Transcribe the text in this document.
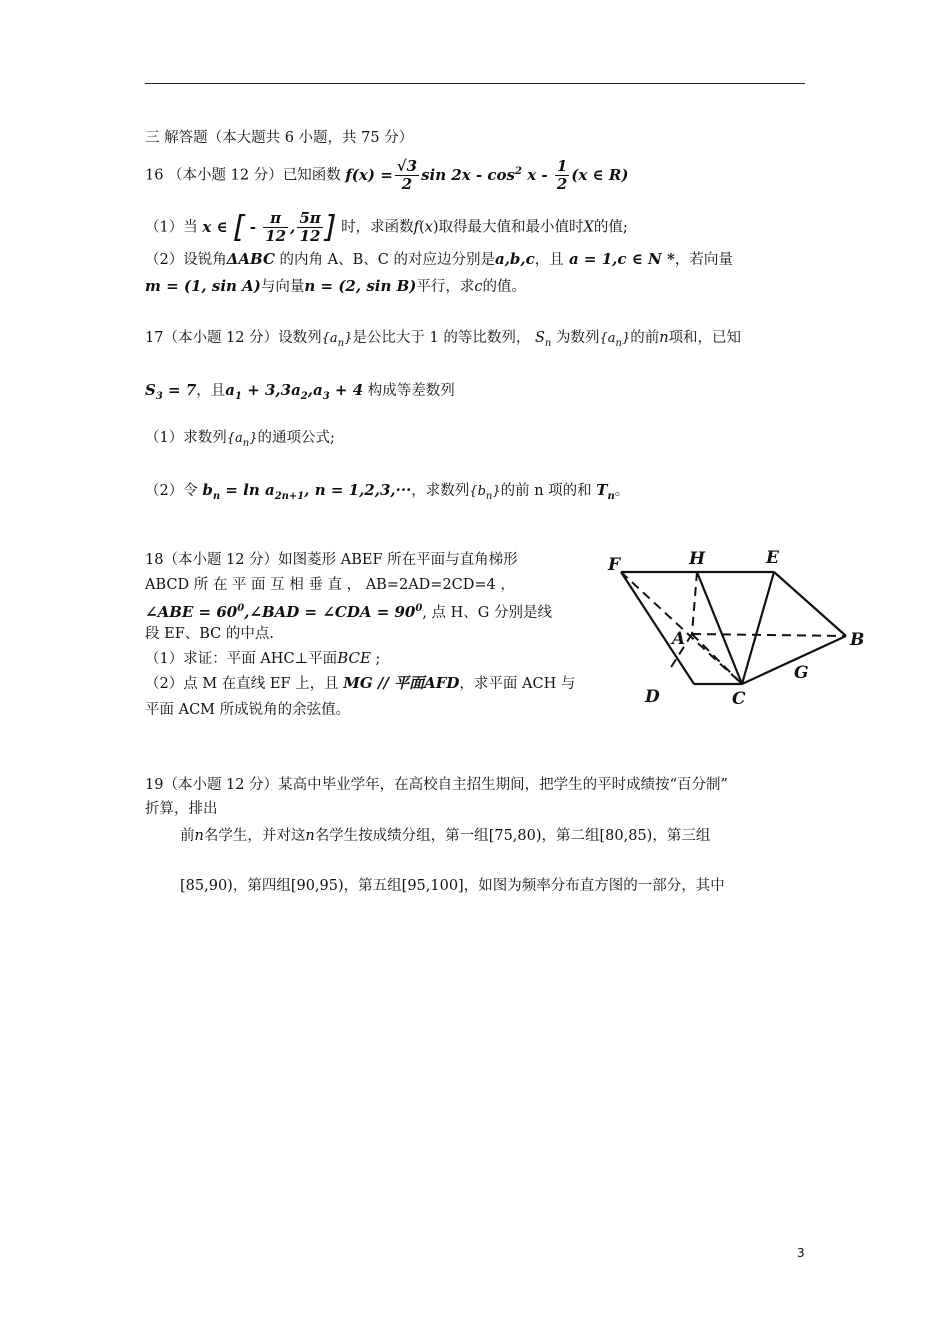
三 解答题（本大题共 6 小题，共 75 分）
16 （本小题 12 分）已知函数 $f(x) = \frac{√3}{2}$ $\sin 2x - \cos^2 x - \frac{1}{2} (x$ ∈ R)
（1）当 x ∈ [ - $\frac{\pi}{12}$ , $\frac{5\pi}{12}$ ] 时，求函数f(x)取得最大值和最小值时X的值;
（2）设锐角ΔABC 的内角 A、B、C 的对应边分别是a,b,c，且 a = 1,c ∈ N *，若向量
m = (1, sin A)与向量n = (2, sin B)平行，求c的值。
17（本小题 12 分）设数列$\{a_n\}$是公比大于 1 的等比数列， $S_n$ 为数列$\{a_n\}$的前n项和，已知
$S_3 = 7$，且$a_1 + 3,3a_2,a_3 + 4$ 构成等差数列
（1）求数列$\{a_n\}$的通项公式;
（2）令 $b_n = \ln a_{2n+1}$, n = 1,2,3,···，求数列$\{b_n\}$的前 n 项的和 $T_n$。
18（本小题 12 分）如图菱形 ABEF 所在平面与直角梯形
ABCD 所 在 平 面 互 相 垂 直 ， AB=2AD=2CD=4 ，
∠ABE = $60^0,\angle BAD$ = ∠CDA = $90^0$, 点 H、G 分别是线
段 EF、BC 的中点.
（1）求证：平面 AHC⊥平面BCE ;
（2）点 M 在直线 EF 上，且 MG // 平面AFD，求平面 ACH 与
平面 ACM 所成锐角的余弦值。
F	H	E
A	B
G
D	C
19（本小题 12 分）某高中毕业学年，在高校自主招生期间，把学生的平时成绩按“百分制”
折算，排出
前n名学生，并对这n名学生按成绩分组，第一组[75,80)，第二组[80,85)，第三组
[85,90)，第四组[90,95)，第五组[95,100]，如图为频率分布直方图的一部分，其中
3
